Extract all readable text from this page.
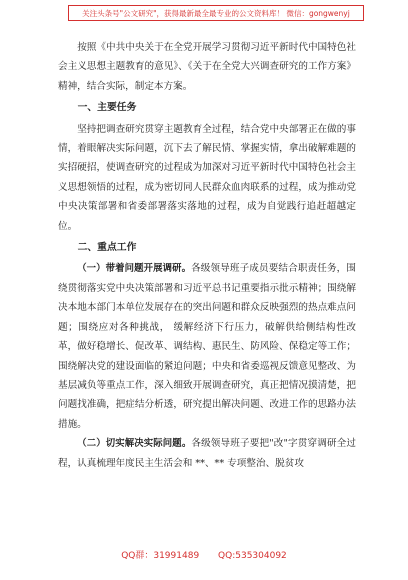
关注头条号"公文研究"，获得最新最全最专业的公文资料库！ 微信：gongwenyj

按照《中共中央关于在全党开展学习贯彻习近平新时代中国特色社会主义思想主题教育的意见》、《关于在全党大兴调查研究的工作方案》精神，结合实际，制定本方案。

一、主要任务

坚持把调查研究贯穿主题教育全过程，结合党中央部署正在做的事情，着眼解决实际问题，沉下去了解民情、掌握实情，拿出破解难题的实招硬招，使调查研究的过程成为加深对习近平新时代中国特色社会主义思想领悟的过程，成为密切同人民群众血肉联系的过程，成为推动党中央决策部署和省委部署落实落地的过程，成为自觉践行追赶超越定位。

二、重点工作

（一）带着问题开展调研。各级领导班子成员要结合职责任务，围绕贯彻落实党中央决策部署和习近平总书记重要指示批示精神；围绕解决本地本部门本单位发展存在的突出问题和群众反映强烈的热点难点问题；围绕应对各种挑战， 缓解经济下行压力，破解供给侧结构性改革，做好稳增长、促改革、调结构、惠民生、防风险、保稳定等工作；围绕解决党的建设面临的紧迫问题；中央和省委巡视反馈意见整改、为基层减负等重点工作，深入细致开展调查研究，真正把情况摸清楚，把问题找准确，把症结分析透，研究提出解决问题、改进工作的思路办法措施。

（二）切实解决实际问题。各级领导班子要把"改"字贯穿调研全过程，认真梳理年度民主生活会和 **、** 专项整治、脱贫攻

QQ群：31991489 QQ:535304092
